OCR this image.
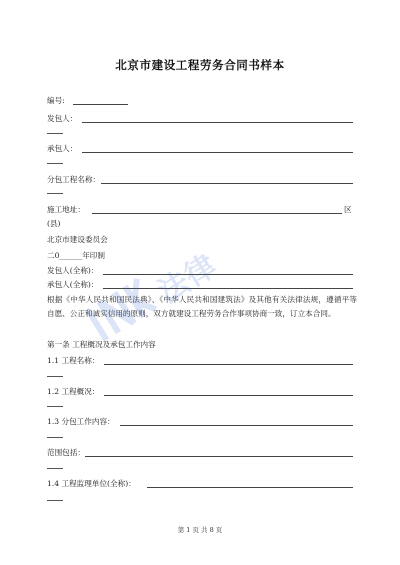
北京市建设工程劳务合同书样本
编号:
发包人：
承包人：
分包工程名称：
施工地址：	区
(县)
北京市建设委员会
二0______年印制
发包人(全称)：
承包人(全称)：
根据《中华人民共和国民法典》、《中华人民共和国建筑法》及其他有关法律法规，遵循平等自愿、公正和诚实信用的原则，双方就建设工程劳务合作事项协商一致，订立本合同。
第一条 工程概况及承包工作内容
1.1 工程名称：
1.2 工程概况：
1.3 分包工作内容：
范围包括：
1.4 工程监理单位(全称)：
第 1 页 共 8 页
法律
